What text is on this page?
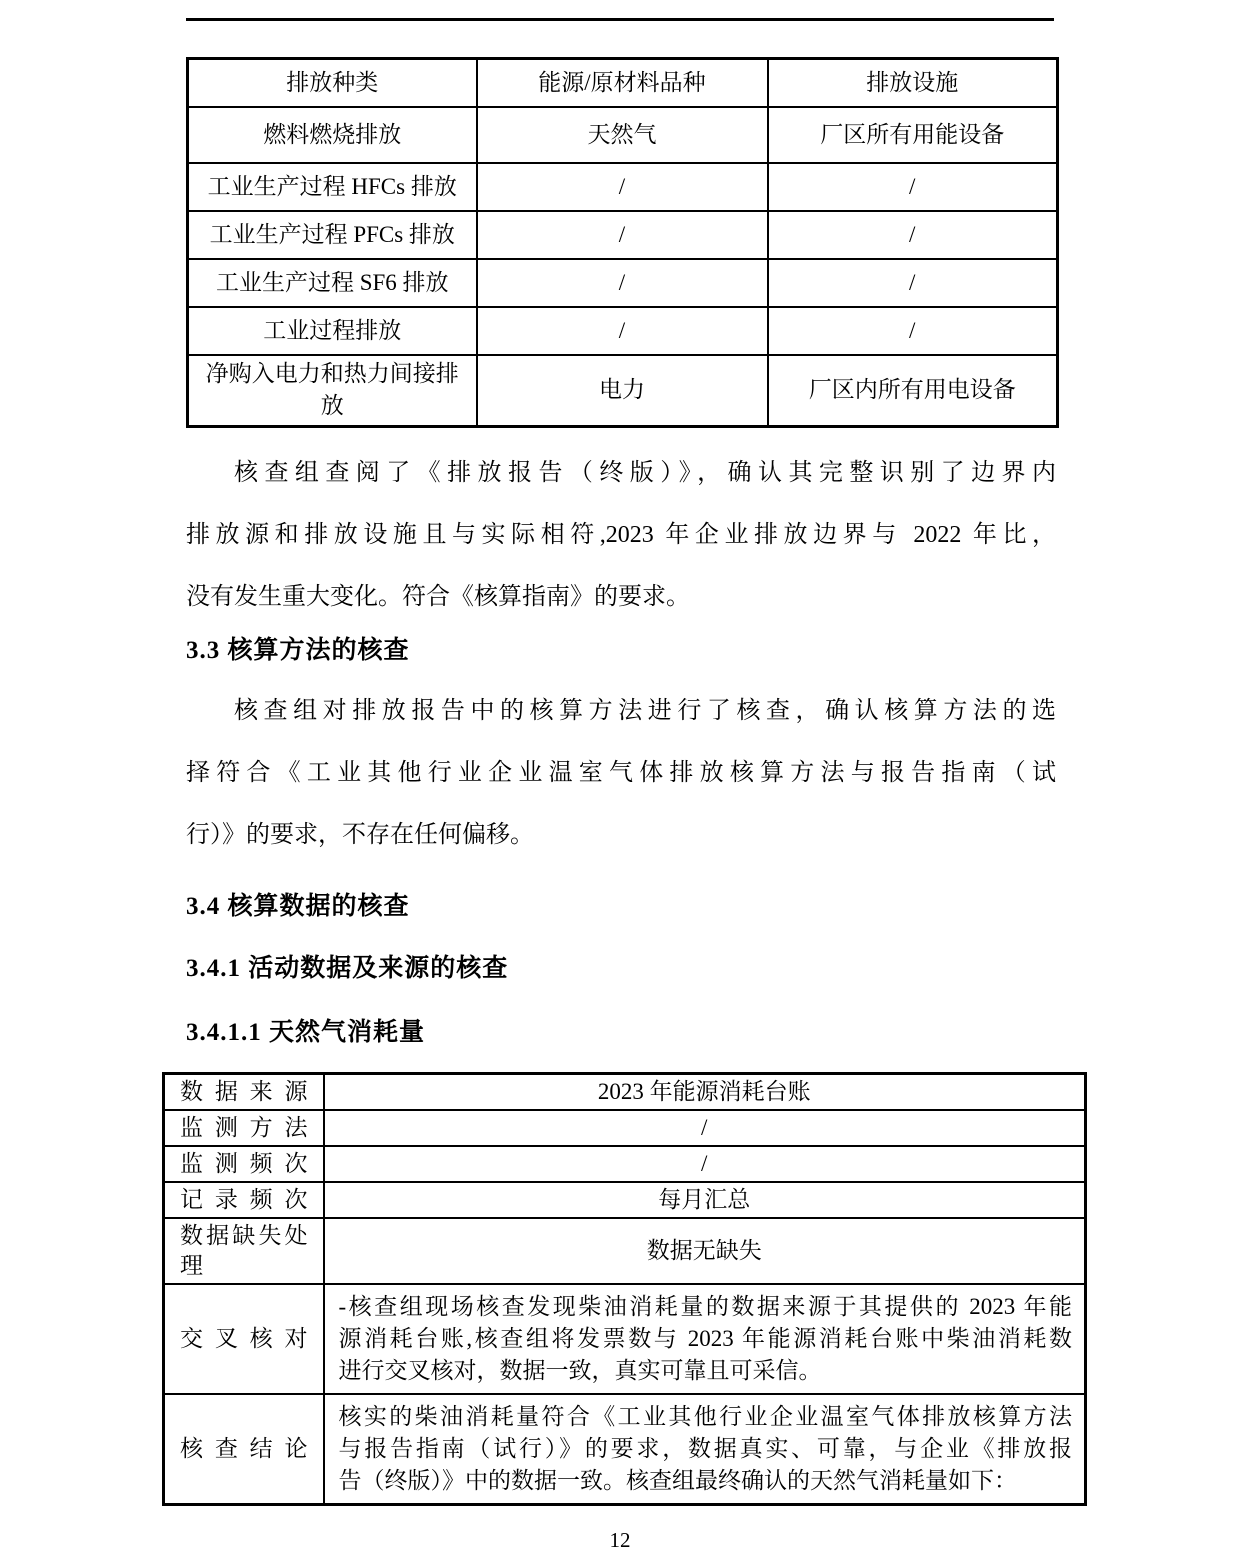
排放种类	能源/原材料品种	排放设施
燃料燃烧排放	天然气	厂区所有用能设备
工业生产过程 HFCs 排放	/	/
工业生产过程 PFCs 排放	/	/
工业生产过程 SF6 排放	/	/
工业过程排放	/	/
净购入电力和热力间接排放	电力	厂区内所有用电设备
核查组查阅了《排放报告（终版）》，确认其完整识别了边界内
排放源和排放设施且与实际相符,2023 年企业排放边界与 2022 年比，
没有发生重大变化。符合《核算指南》的要求。
3.3 核算方法的核查
核查组对排放报告中的核算方法进行了核查，确认核算方法的选
择符合《工业其他行业企业温室气体排放核算方法与报告指南（试
行）》的要求，不存在任何偏移。
3.4 核算数据的核查
3.4.1 活动数据及来源的核查
3.4.1.1 天然气消耗量
数据来源	2023 年能源消耗台账
监测方法	/
监测频次	/
记录频次	每月汇总
数据缺失处理	数据无缺失
交叉核对	-核查组现场核查发现柴油消耗量的数据来源于其提供的 2023 年能
源消耗台账,核查组将发票数与 2023 年能源消耗台账中柴油消耗数
进行交叉核对，数据一致，真实可靠且可采信。

核查结论	核实的柴油消耗量符合《工业其他行业企业温室气体排放核算方法
与报告指南（试行）》的要求，数据真实、可靠，与企业《排放报
告（终版）》中的数据一致。核查组最终确认的天然气消耗量如下：
12
